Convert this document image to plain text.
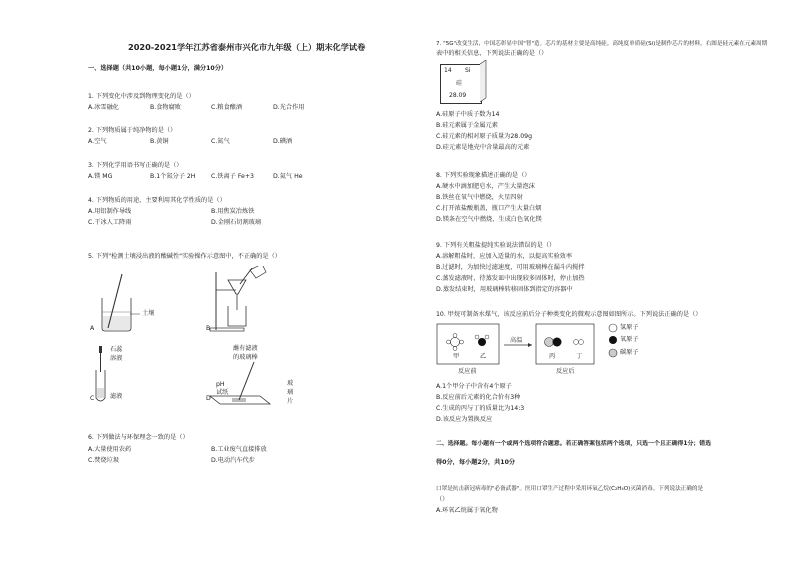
2020-2021学年江苏省泰州市兴化市九年级（上）期末化学试卷
一、选择题（共10小题，每小题1分，满分10分）
1. 下列变化中涉及到物理变化的是（）
A.冰雪融化	B.食物腐败	C.粮食酿酒	D.光合作用
2. 下列物质属于纯净物的是（）
A.空气	B.黄铜	C.氮气	D.碘酒
3. 下列化学用语书写正确的是（）
A.镁 MG	B.1个氮分子 2H	C.铁离子 Fe+3	D.氦气 He
4. 下列物质的用途，主要利用其化学性质的是（）
A.用铝制作导线	B.用焦炭冶炼铁
C.干冰人工降雨	D.金刚石切割玻璃
5. 下列"检测土壤浸出液的酸碱性"实验操作示意图中，不正确的是（）
A
土壤
B
C
石蕊
溶液
滤液
蘸有滤液
的玻璃棒
pH
试纸
玻
璃
片
D
6. 下列做法与环保理念一致的是（）
A.大量使用农药	B.工业废气直接排放
C.焚烧垃圾	D.电动汽车代步
7. "5G"改变生活，中国芯彰显中国"智"造。芯片的基材主要是高纯硅。高纯度单质硅(Si)是制作芯片的材料，右图是硅元素在元素周期
表中的相关信息，下列说法正确的是（）
14 Si
硅
28.09
A.硅原子中质子数为14
B.硅元素属于金属元素
C.硅元素的相对原子质量为28.09g
D.硅元素是地壳中含量最高的元素
8. 下列实验现象描述正确的是（）
A.硬水中滴加肥皂水，产生大量泡沫
B.铁丝在氧气中燃烧，火星四射
C.打开浓盐酸瓶盖，瓶口产生大量白烟
D.镁条在空气中燃烧，生成白色氧化镁
9. 下列有关粗盐提纯实验说法错误的是（）
A.溶解粗盐时，应加入适量的水，以提高实验效率
B.过滤时，为加快过滤速度，可用玻璃棒在漏斗内搅拌
C.蒸发滤液时，待蒸发皿中出现较多固体时，停止加热
D.蒸发结束时，用玻璃棒转移固体到指定的容器中
10. 甲烷可制备水煤气，该反应前后分子种类变化的微观示意图如图所示。下列说法正确的是（）
甲	乙
高温
丙	丁
反应前	反应后
氢原子
氧原子
碳原子
A.1个甲分子中含有4个原子
B.反应前后元素的化合价有3种
C.生成的丙与丁的质量比为14:3
D.该反应为置换反应
二、选择题。每小题有一个或两个选项符合题意。若正确答案包括两个选项，只选一个且正确得1分；错选
得0分，每小题2分，共10分
口罩是抗击新冠病毒的"必备武器"。医用口罩生产过程中采用环氧乙烷(C₂H₄O)灭菌消毒。下列说法正确的是
（）
A.环氧乙烷属于氧化物
